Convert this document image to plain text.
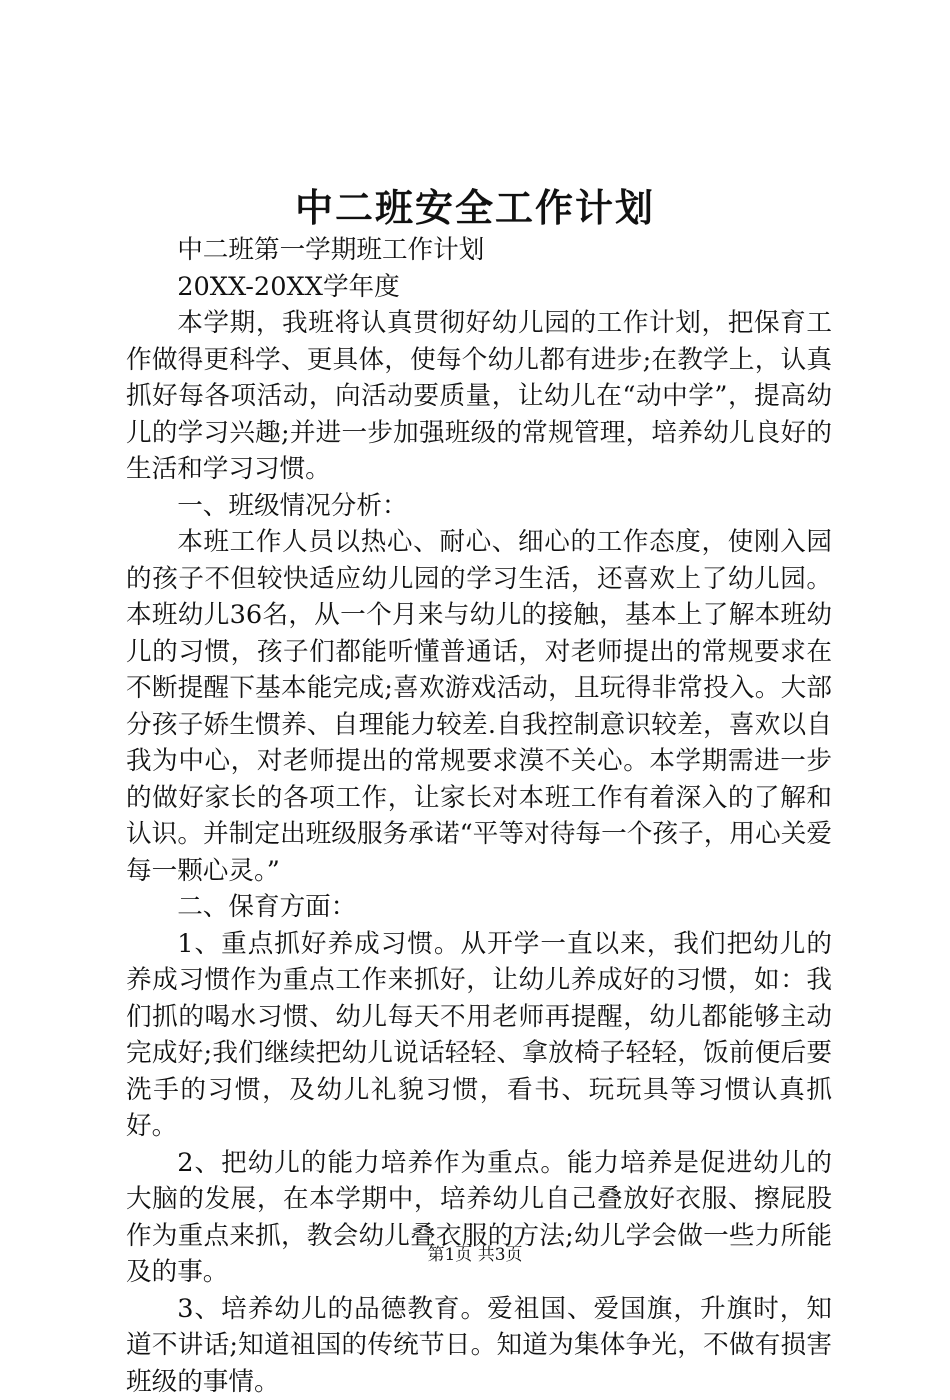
中二班安全工作计划

中二班第一学期班工作计划

20XX-20XX学年度

本学期，我班将认真贯彻好幼儿园的工作计划，把保育工作做得更科学、更具体，使每个幼儿都有进步;在教学上，认真抓好每各项活动，向活动要质量，让幼儿在“动中学”，提高幼儿的学习兴趣;并进一步加强班级的常规管理，培养幼儿良好的生活和学习习惯。

一、班级情况分析：

本班工作人员以热心、耐心、细心的工作态度，使刚入园的孩子不但较快适应幼儿园的学习生活，还喜欢上了幼儿园。本班幼儿36名，从一个月来与幼儿的接触，基本上了解本班幼儿的习惯，孩子们都能听懂普通话，对老师提出的常规要求在不断提醒下基本能完成;喜欢游戏活动，且玩得非常投入。大部分孩子娇生惯养、自理能力较差.自我控制意识较差，喜欢以自我为中心，对老师提出的常规要求漠不关心。本学期需进一步的做好家长的各项工作，让家长对本班工作有着深入的了解和认识。并制定出班级服务承诺“平等对待每一个孩子，用心关爱每一颗心灵。”

二、保育方面：

1、重点抓好养成习惯。从开学一直以来，我们把幼儿的养成习惯作为重点工作来抓好，让幼儿养成好的习惯，如：我们抓的喝水习惯、幼儿每天不用老师再提醒，幼儿都能够主动完成好;我们继续把幼儿说话轻轻、拿放椅子轻轻，饭前便后要洗手的习惯，及幼儿礼貌习惯，看书、玩玩具等习惯认真抓好。

2、把幼儿的能力培养作为重点。能力培养是促进幼儿的大脑的发展，在本学期中，培养幼儿自己叠放好衣服、擦屁股作为重点来抓，教会幼儿叠衣服的方法;幼儿学会做一些力所能及的事。

3、培养幼儿的品德教育。爱祖国、爱国旗，升旗时，知道不讲话;知道祖国的传统节日。知道为集体争光，不做有损害班级的事情。

第1页 共3页
